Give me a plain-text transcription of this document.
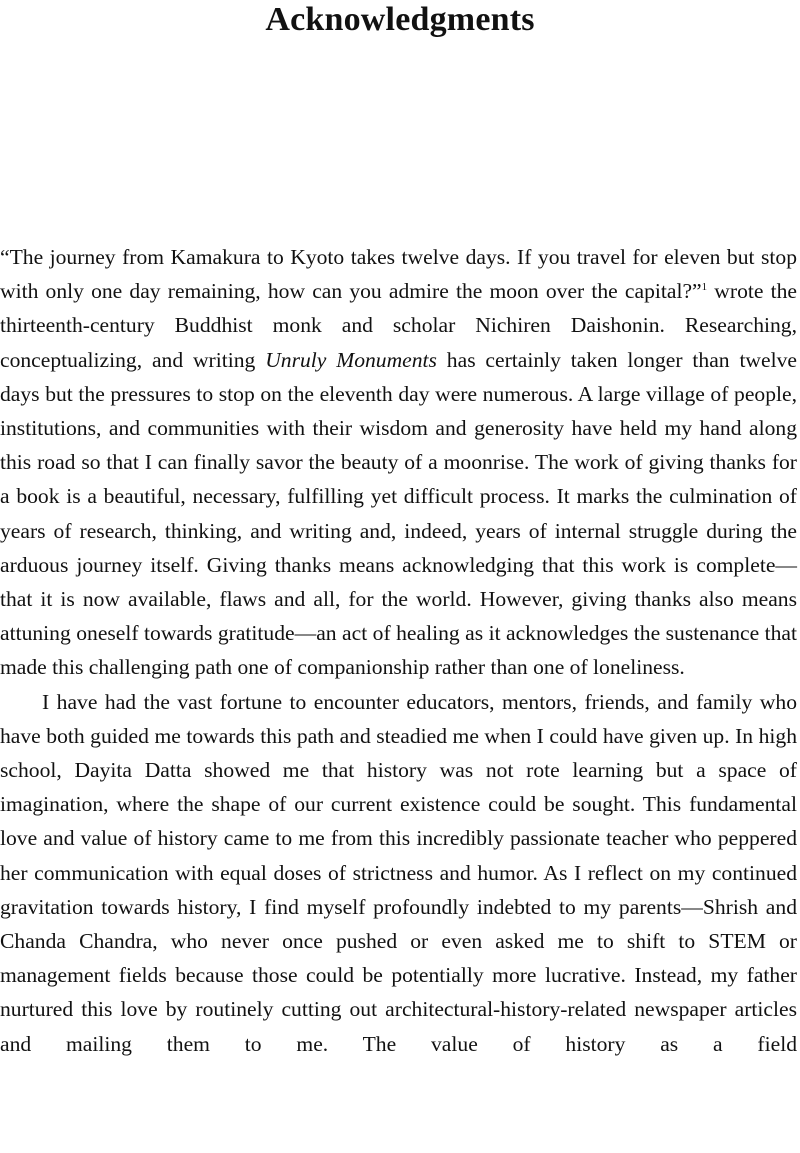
Acknowledgments

“The journey from Kamakura to Kyoto takes twelve days. If you travel for eleven but stop with only one day remaining, how can you admire the moon over the capital?”$^1$ wrote the thirteenth-century Buddhist monk and scholar Nichiren Daishonin. Researching, conceptualizing, and writing Unruly Monuments has certainly taken longer than twelve days but the pressures to stop on the eleventh day were numerous. A large village of people, institutions, and communities with their wisdom and generosity have held my hand along this road so that I can finally savor the beauty of a moonrise. The work of giving thanks for a book is a beautiful, necessary, fulfilling yet difficult process. It marks the culmination of years of research, thinking, and writing and, indeed, years of internal struggle during the arduous journey itself. Giving thanks means acknowledging that this work is complete—that it is now available, flaws and all, for the world. However, giving thanks also means attuning oneself towards gratitude—an act of healing as it acknowledges the sustenance that made this challenging path one of companionship rather than one of loneliness.

I have had the vast fortune to encounter educators, mentors, friends, and family who have both guided me towards this path and steadied me when I could have given up. In high school, Dayita Datta showed me that history was not rote learning but a space of imagination, where the shape of our current existence could be sought. This fundamental love and value of history came to me from this incredibly passionate teacher who peppered her communication with equal doses of strictness and humor. As I reflect on my continued gravitation towards history, I find myself profoundly indebted to my parents—Shrish and Chanda Chandra, who never once pushed or even asked me to shift to STEM or management fields because those could be potentially more lucrative. Instead, my father nurtured this love by routinely cutting out architectural-history-related newspaper articles and mailing them to me. The value of history as a field
